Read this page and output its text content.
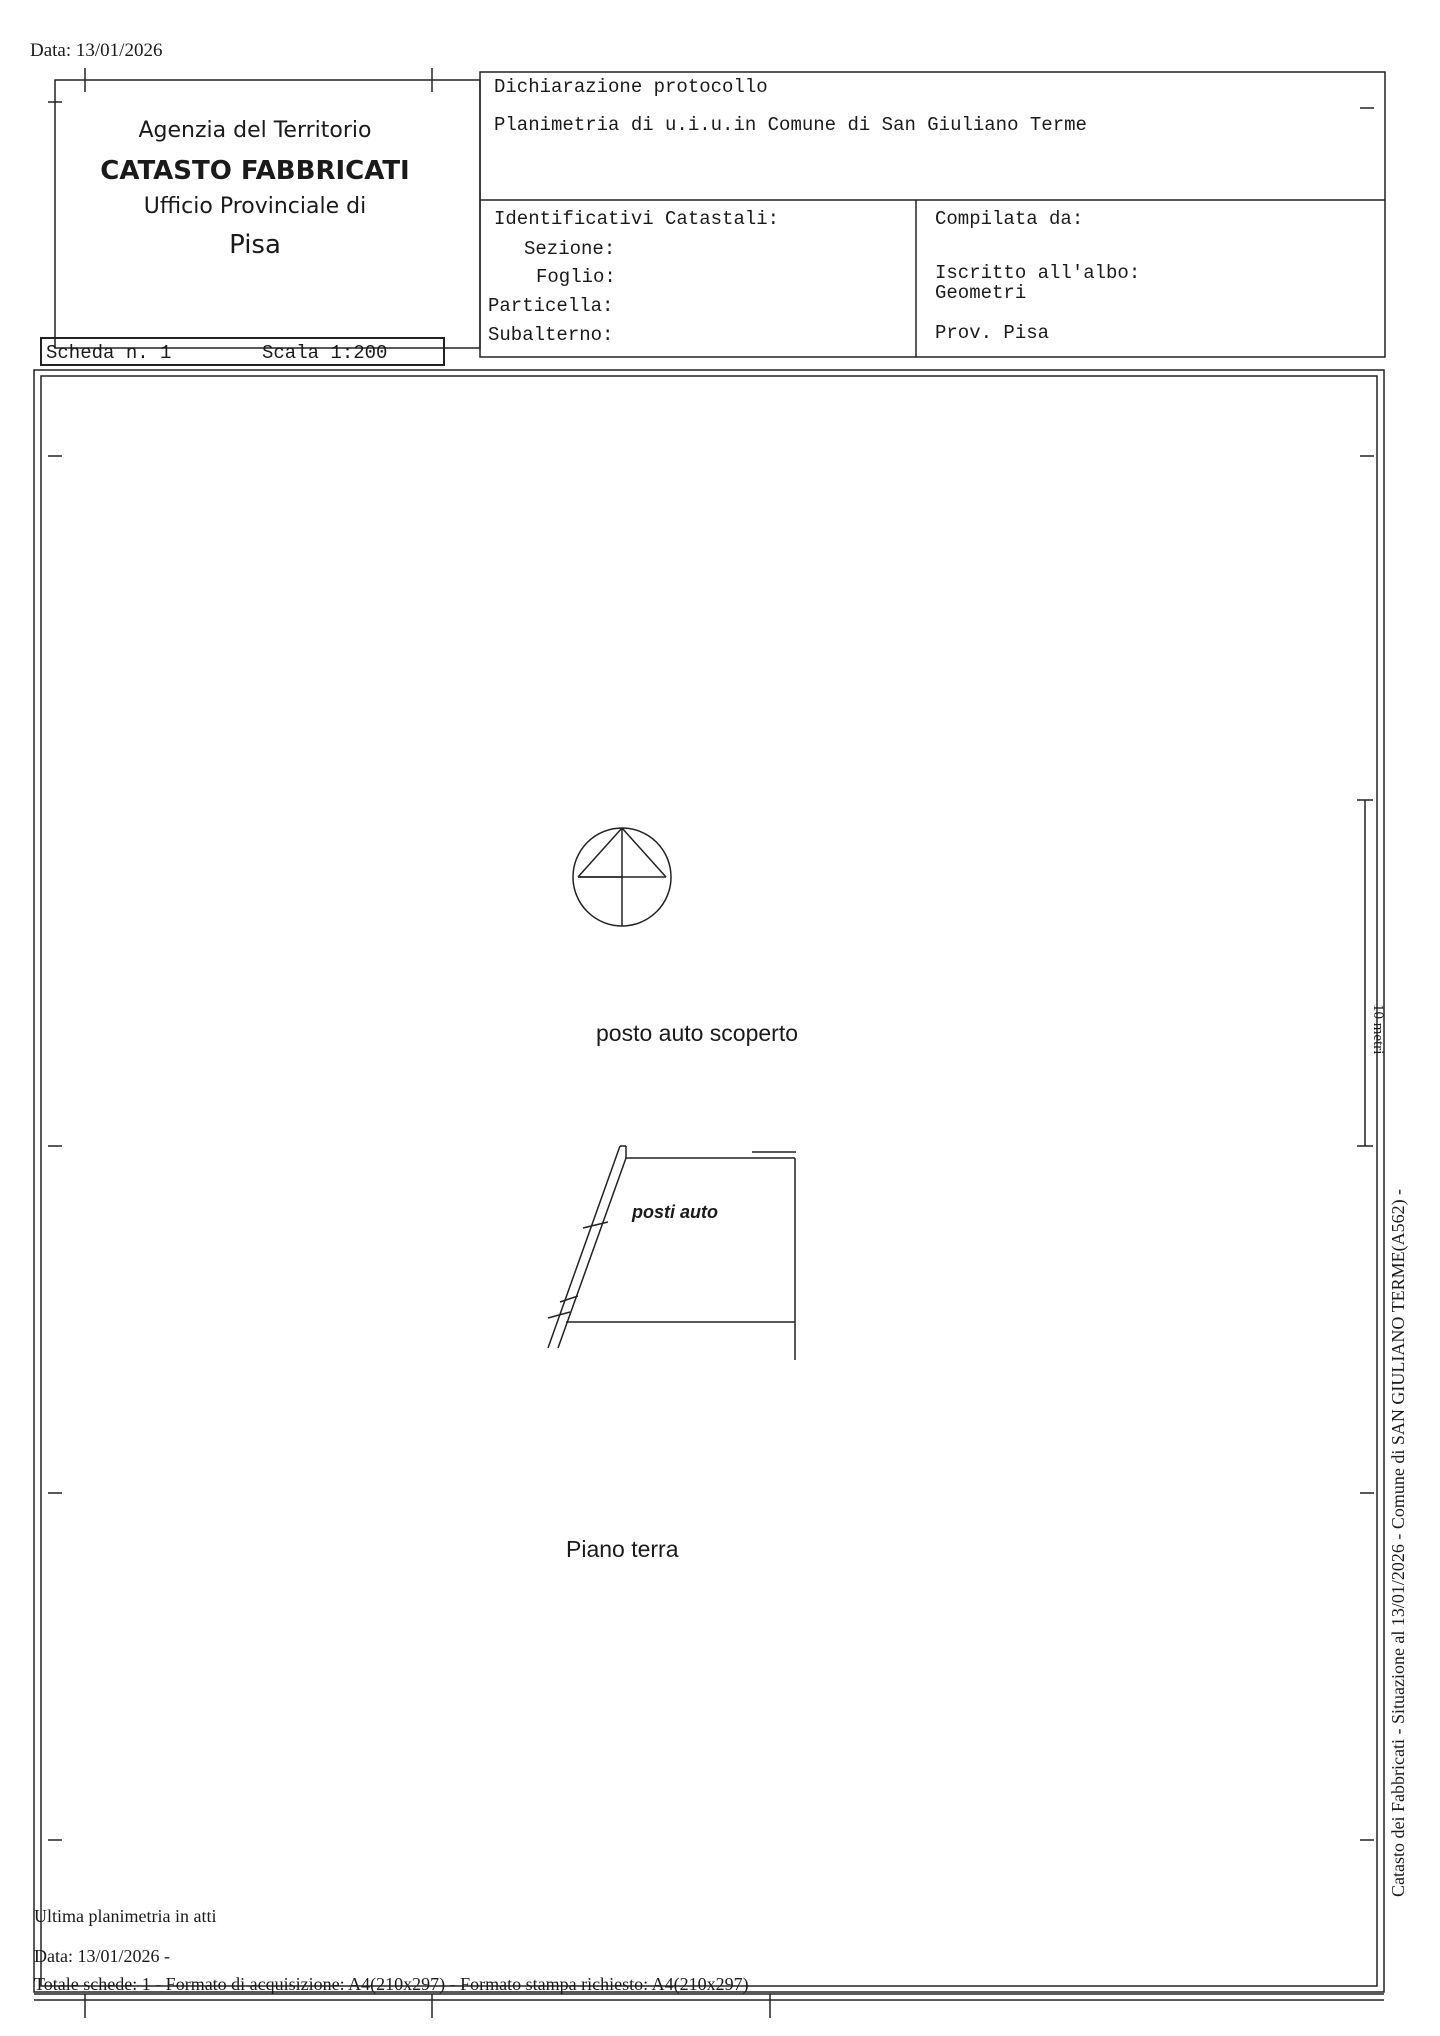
Data: 13/01/2026
Agenzia del Territorio
CATASTO FABBRICATI
Ufficio Provinciale di
Pisa
Dichiarazione protocollo
Planimetria di u.i.u.in Comune di San Giuliano Terme
Identificativi Catastali:
Sezione:
Foglio:
Particella:
Subalterno:
Compilata da:
Iscritto all'albo:
Geometri
Prov. Pisa
Scheda n. 1	Scala 1:200
posto auto scoperto
posti auto
Piano terra
10 metri
Catasto dei Fabbricati - Situazione al 13/01/2026 - Comune di SAN GIULIANO TERME(A562) -
Ultima planimetria in atti
Data: 13/01/2026 -
Totale schede: 1 - Formato di acquisizione: A4(210x297) - Formato stampa richiesto: A4(210x297)
